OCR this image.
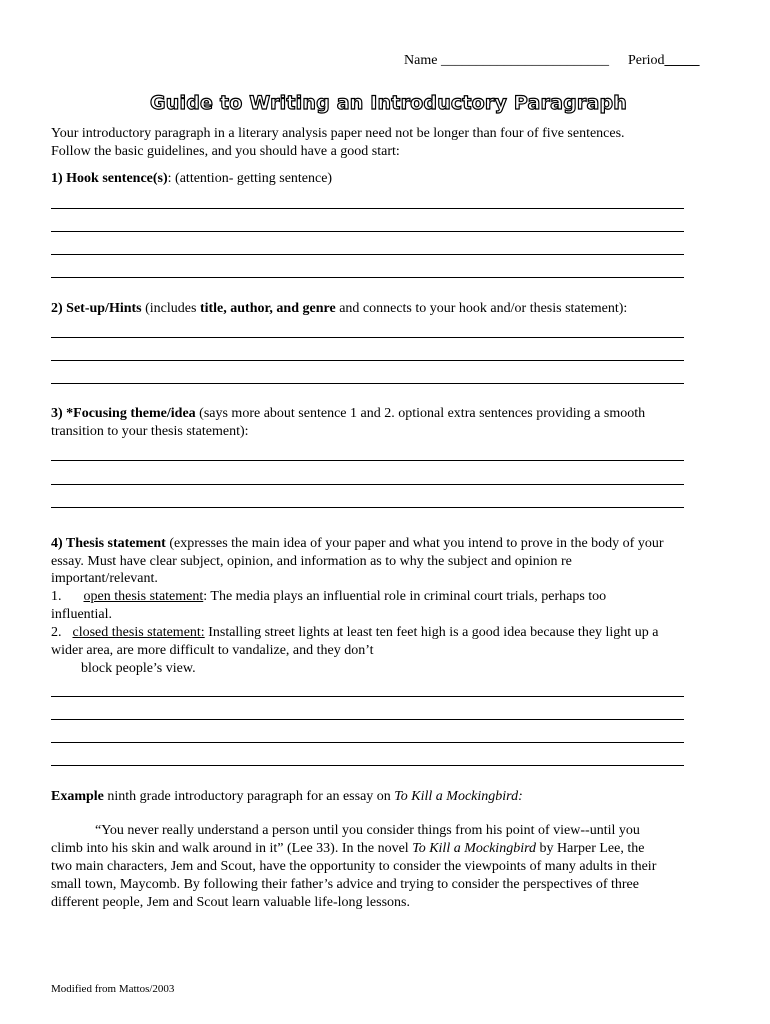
Name ________________________ Period_____
Guide to Writing an Introductory Paragraph
Your introductory paragraph in a literary analysis paper need not be longer than four of five sentences.
Follow the basic guidelines, and you should have a good start:
1) Hook sentence(s): (attention- getting sentence)
2) Set-up/Hints (includes title, author, and genre and connects to your hook and/or thesis statement):
3) *Focusing theme/idea (says more about sentence 1 and 2. optional extra sentences providing a smooth
transition to your thesis statement):
4) Thesis statement (expresses the main idea of your paper and what you intend to prove in the body of your
essay. Must have clear subject, opinion, and information as to why the subject and opinion re
important/relevant.
1. open thesis statement: The media plays an influential role in criminal court trials, perhaps too
influential.
2. closed thesis statement: Installing street lights at least ten feet high is a good idea because they light up a
wider area, are more difficult to vandalize, and they don’t
block people’s view.
Example ninth grade introductory paragraph for an essay on To Kill a Mockingbird:
“You never really understand a person until you consider things from his point of view--until you
climb into his skin and walk around in it” (Lee 33). In the novel To Kill a Mockingbird by Harper Lee, the
two main characters, Jem and Scout, have the opportunity to consider the viewpoints of many adults in their
small town, Maycomb. By following their father’s advice and trying to consider the perspectives of three
different people, Jem and Scout learn valuable life-long lessons.
Modified from Mattos/2003
